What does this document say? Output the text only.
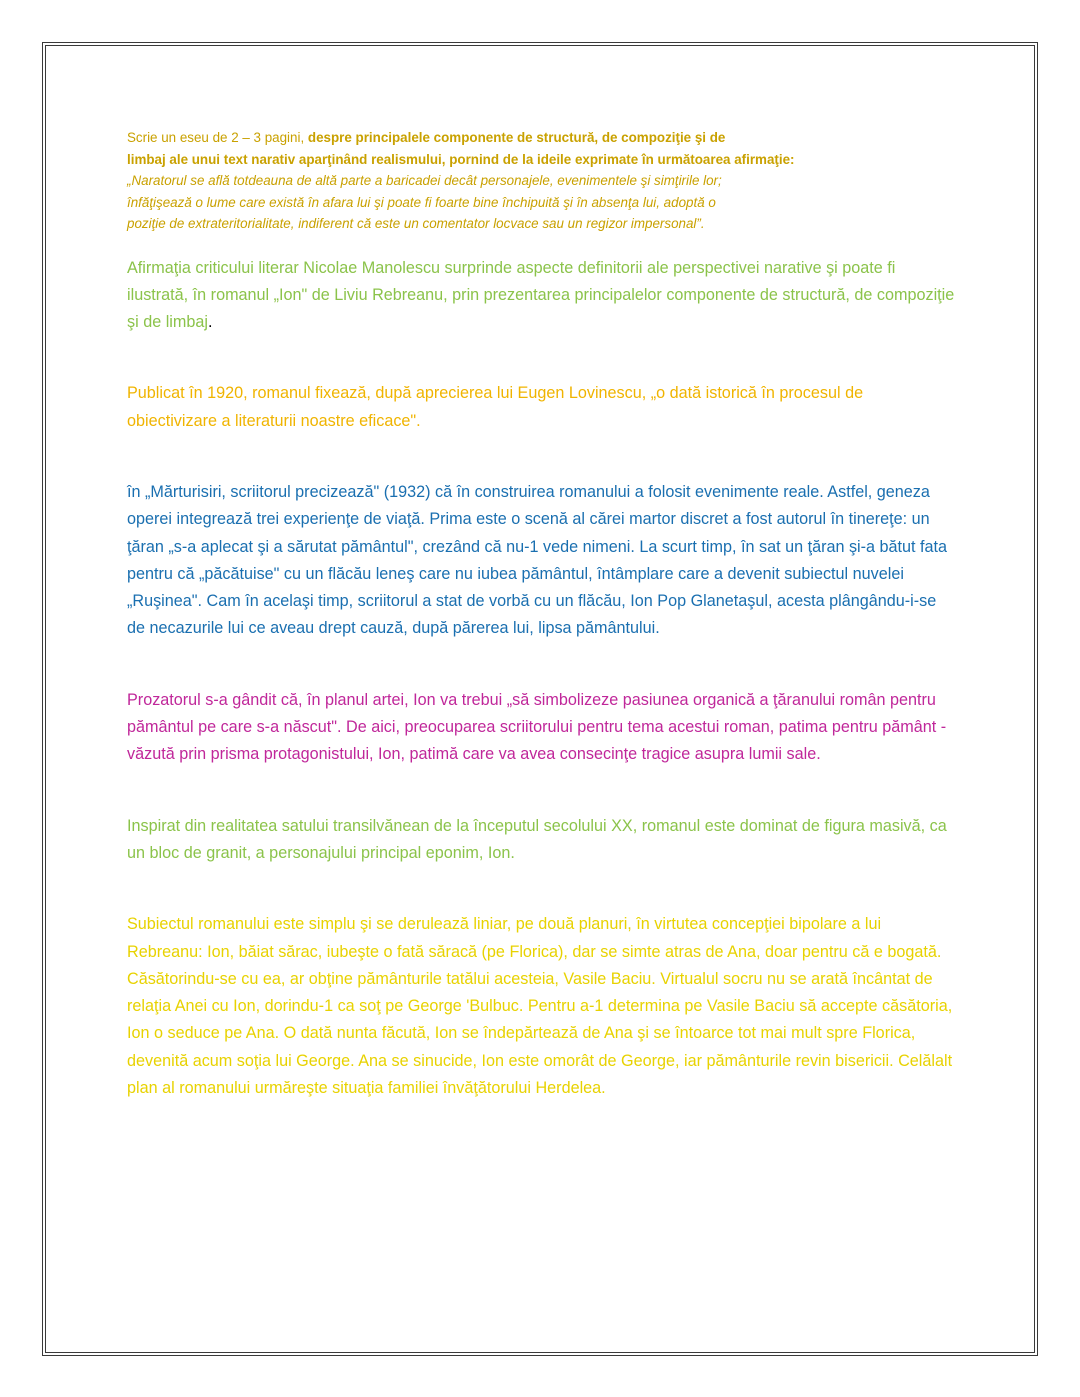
Scrie un eseu de 2 – 3 pagini, despre principalele componente de structură, de compoziţie şi de

limbaj ale unui text narativ aparţinând realismului, pornind de la ideile exprimate în următoarea afirmaţie:

„Naratorul se află totdeauna de altă parte a baricadei decât personajele, evenimentele şi simţirile lor;

înfăţişează o lume care există în afara lui şi poate fi foarte bine închipuită şi în absenţa lui, adoptă o

poziţie de extrateritorialitate, indiferent că este un comentator locvace sau un regizor impersonal”.

Afirmaţia criticului literar Nicolae Manolescu surprinde aspecte definitorii ale perspectivei narative şi poate fi ilustrată, în romanul „Ion" de Liviu Rebreanu, prin prezentarea principalelor componente de structură, de compoziţie şi de limbaj.

Publicat în 1920, romanul fixează, după aprecierea lui Eugen Lovinescu, „o dată istorică în procesul de obiectivizare a literaturii noastre eficace".

în „Mărturisiri, scriitorul precizează" (1932) că în construirea romanului a folosit evenimente reale. Astfel, geneza operei integrează trei experienţe de viaţă. Prima este o scenă al cărei martor discret a fost autorul în tinereţe: un ţăran „s-a aplecat şi a sărutat pământul", crezând că nu-1 vede nimeni. La scurt timp, în sat un ţăran şi-a bătut fata pentru că „păcătuise" cu un flăcău leneş care nu iubea pământul, întâmplare care a devenit subiectul nuvelei „Ruşinea". Cam în acelaşi timp, scriitorul a stat de vorbă cu un flăcău, Ion Pop Glanetaşul, acesta plângându-i-se de necazurile lui ce aveau drept cauză, după părerea lui, lipsa pământului.

Prozatorul s-a gândit că, în planul artei, Ion va trebui „să simbolizeze pasiunea organică a ţăranului român pentru pământul pe care s-a născut". De aici, preocuparea scriitorului pentru tema acestui roman, patima pentru pământ - văzută prin prisma protagonistului, Ion, patimă care va avea consecinţe tragice asupra lumii sale.

Inspirat din realitatea satului transilvănean de la începutul secolului XX, romanul este dominat de figura masivă, ca un bloc de granit, a personajului principal eponim, Ion.

Subiectul romanului este simplu şi se derulează liniar, pe două planuri, în virtutea concepţiei bipolare a lui Rebreanu: Ion, băiat sărac, iubeşte o fată săracă (pe Florica), dar se simte atras de Ana, doar pentru că e bogată. Căsătorindu-se cu ea, ar obţine pământurile tatălui acesteia, Vasile Baciu. Virtualul socru nu se arată încântat de relaţia Anei cu Ion, dorindu-1 ca soţ pe George 'Bulbuc. Pentru a-1 determina pe Vasile Baciu să accepte căsătoria, Ion o seduce pe Ana. O dată nunta făcută, Ion se îndepărtează de Ana şi se întoarce tot mai mult spre Florica, devenită acum soţia lui George. Ana se sinucide, Ion este omorât de George, iar pământurile revin bisericii. Celălalt plan al romanului urmăreşte situaţia familiei învăţătorului Herdelea.
